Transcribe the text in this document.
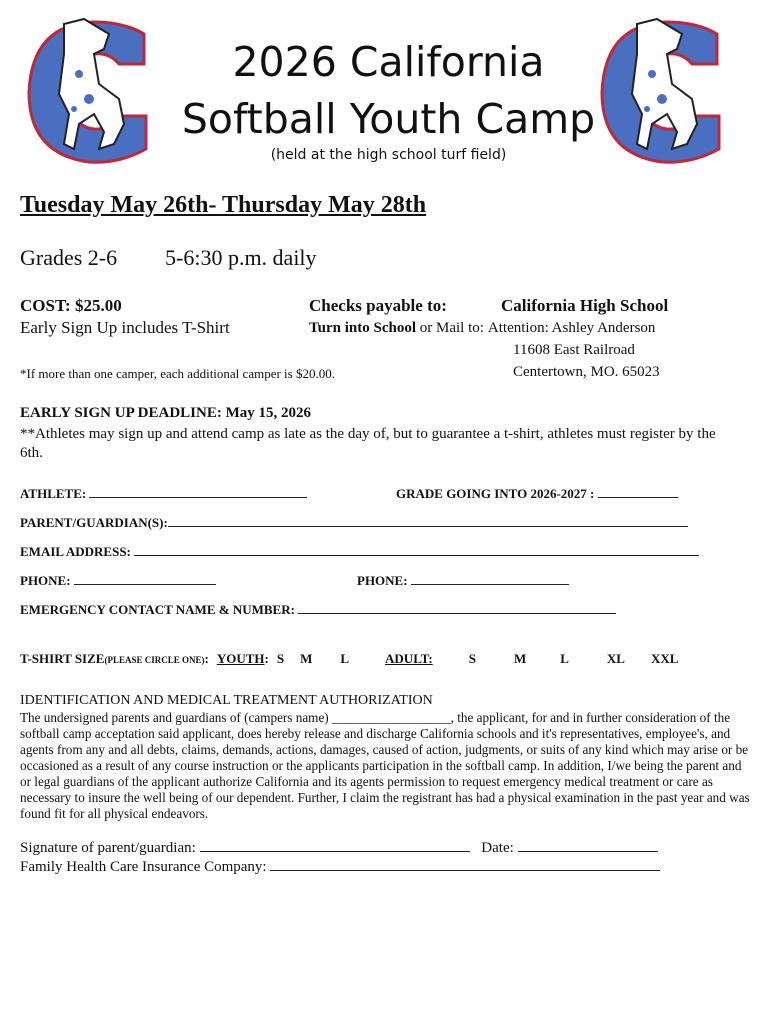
2026 California
Softball Youth Camp
(held at the high school turf field)
Tuesday May 26th- Thursday May 28th
Grades 2-6 5-6:30 p.m. daily
COST: $25.00
Early Sign Up includes T-Shirt
*If more than one camper, each additional camper is $20.00.
Checks payable to:	California High School
Turn into School or Mail to: Attention: Ashley Anderson
11608 East Railroad
Centertown, MO. 65023
EARLY SIGN UP DEADLINE: May 15, 2026
**Athletes may sign up and attend camp as late as the day of, but to guarantee a t-shirt, athletes must register by the 6th.
ATHLETE:	GRADE GOING INTO 2026-2027 :
PARENT/GUARDIAN(S):
EMAIL ADDRESS:
PHONE:	PHONE:
EMERGENCY CONTACT NAME & NUMBER:
T-SHIRT SIZE (PLEASE CIRCLE ONE) : YOUTH : S M L	ADULT:	S	M	L	XL XXL
IDENTIFICATION AND MEDICAL TREATMENT AUTHORIZATION
The undersigned parents and guardians of (campers name) __________________, the applicant, for and in further consideration of the softball camp acceptation said applicant, does hereby release and discharge California schools and it's representatives, employee's, and agents from any and all debts, claims, demands, actions, damages, caused of action, judgments, or suits of any kind which may arise or be occasioned as a result of any course instruction or the applicants participation in the softball camp. In addition, I/we being the parent and or legal guardians of the applicant authorize California and its agents permission to request emergency medical treatment or care as necessary to insure the well being of our dependent. Further, I claim the registrant has had a physical examination in the past year and was found fit for all physical endeavors.
Signature of parent/guardian:	Date:
Family Health Care Insurance Company:
